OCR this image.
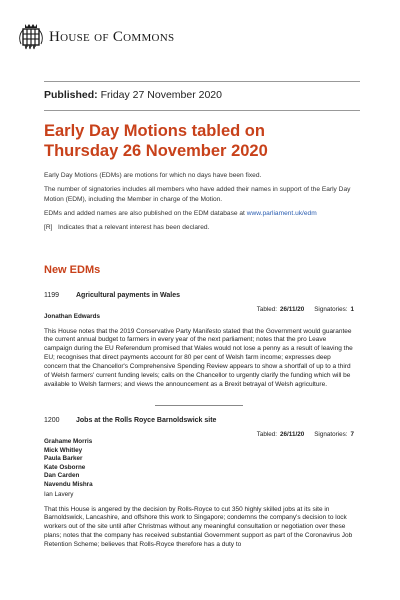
House of Commons
Published: Friday 27 November 2020
Early Day Motions tabled on
Thursday 26 November 2020

Early Day Motions (EDMs) are motions for which no days have been fixed.

The number of signatories includes all members who have added their names in support of the Early Day Motion (EDM), including the Member in charge of the Motion.

EDMs and added names are also published on the EDM database at www.parliament.uk/edm

[R] Indicates that a relevant interest has been declared.

New EDMs
1199	Agricultural payments in Wales
Tabled: 26/11/20 Signatories: 1
Jonathan Edwards
This House notes that the 2019 Conservative Party Manifesto stated that the Government would guarantee the current annual budget to farmers in every year of the next parliament; notes that the pro Leave campaign during the EU Referendum promised that Wales would not lose a penny as a result of leaving the EU; recognises that direct payments account for 80 per cent of Welsh farm income; expresses deep concern that the Chancellor's Comprehensive Spending Review appears to show a shortfall of up to a third of Welsh farmers' current funding levels; calls on the Chancellor to urgently clarify the funding which will be available to Welsh farmers; and views the announcement as a Brexit betrayal of Welsh agriculture.
1200	Jobs at the Rolls Royce Barnoldswick site
Tabled: 26/11/20 Signatories: 7
Grahame Morris
Mick Whitley
Paula Barker
Kate Osborne
Dan Carden
Navendu Mishra
Ian Lavery
That this House is angered by the decision by Rolls-Royce to cut 350 highly skilled jobs at its site in Barnoldswick, Lancashire, and offshore this work to Singapore; condemns the company's decision to lock workers out of the site until after Christmas without any meaningful consultation or negotiation over these plans; notes that the company has received substantial Government support as part of the Coronavirus Job Retention Scheme; believes that Rolls-Royce therefore has a duty to
